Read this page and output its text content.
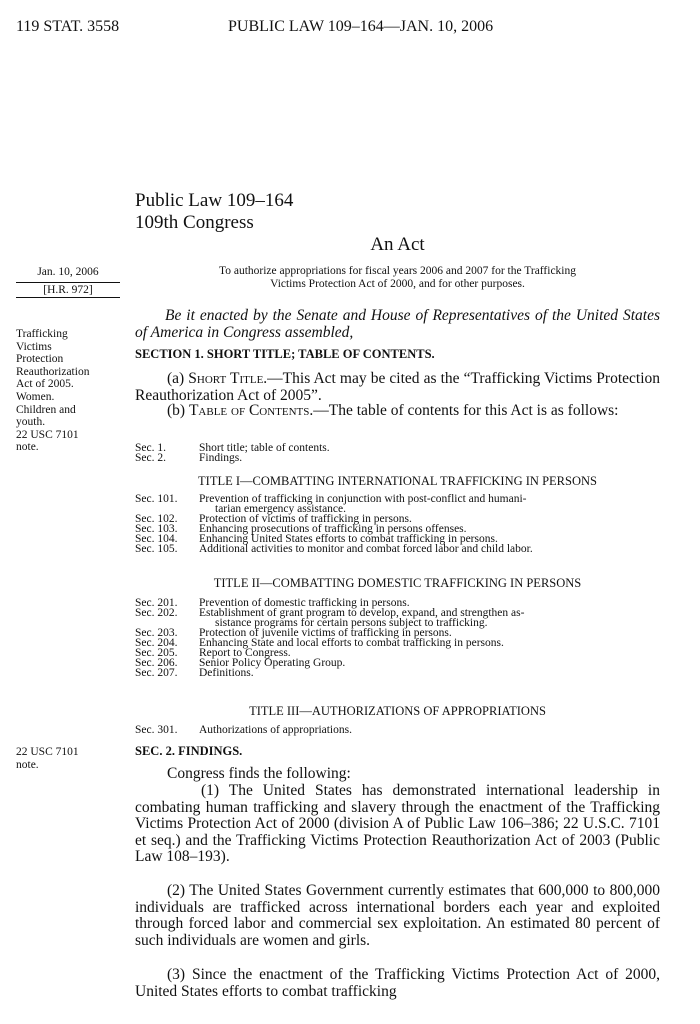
119 STAT. 3558	PUBLIC LAW 109–164—JAN. 10, 2006
Public Law 109–164
109th Congress
An Act
Jan. 10, 2006
[H.R. 972]
To authorize appropriations for fiscal years 2006 and 2007 for the Trafficking
Victims Protection Act of 2000, and for other purposes.
Trafficking
Victims
Protection
Reauthorization
Act of 2005.
Women.
Children and
youth.
22 USC 7101
note.
22 USC 7101
note.
Be it enacted by the Senate and House of Representatives of the United States of America in Congress assembled,
SECTION 1. SHORT TITLE; TABLE OF CONTENTS.
(a) Short Title.—This Act may be cited as the “Trafficking Victims Protection Reauthorization Act of 2005”.
(b) Table of Contents.—The table of contents for this Act is as follows:
Sec. 1.	Short title; table of contents.
Sec. 2.	Findings.
TITLE I—COMBATTING INTERNATIONAL TRAFFICKING IN PERSONS
Sec. 101.	Prevention of trafficking in conjunction with post-conflict and humani-

tarian emergency assistance.
Sec. 102.	Protection of victims of trafficking in persons.
Sec. 103.	Enhancing prosecutions of trafficking in persons offenses.
Sec. 104.	Enhancing United States efforts to combat trafficking in persons.
Sec. 105.	Additional activities to monitor and combat forced labor and child labor.
TITLE II—COMBATTING DOMESTIC TRAFFICKING IN PERSONS
Sec. 201.	Prevention of domestic trafficking in persons.
Sec. 202.	Establishment of grant program to develop, expand, and strengthen as-

sistance programs for certain persons subject to trafficking.
Sec. 203.	Protection of juvenile victims of trafficking in persons.
Sec. 204.	Enhancing State and local efforts to combat trafficking in persons.
Sec. 205.	Report to Congress.
Sec. 206.	Senior Policy Operating Group.
Sec. 207.	Definitions.
TITLE III—AUTHORIZATIONS OF APPROPRIATIONS
Sec. 301.	Authorizations of appropriations.
SEC. 2. FINDINGS.
Congress finds the following:
(1) The United States has demonstrated international leadership in combating human trafficking and slavery through the enactment of the Trafficking Victims Protection Act of 2000 (division A of Public Law 106–386; 22 U.S.C. 7101 et seq.) and the Trafficking Victims Protection Reauthorization Act of 2003 (Public Law 108–193).
(2) The United States Government currently estimates that 600,000 to 800,000 individuals are trafficked across international borders each year and exploited through forced labor and commercial sex exploitation. An estimated 80 percent of such individuals are women and girls.
(3) Since the enactment of the Trafficking Victims Protection Act of 2000, United States efforts to combat trafficking
